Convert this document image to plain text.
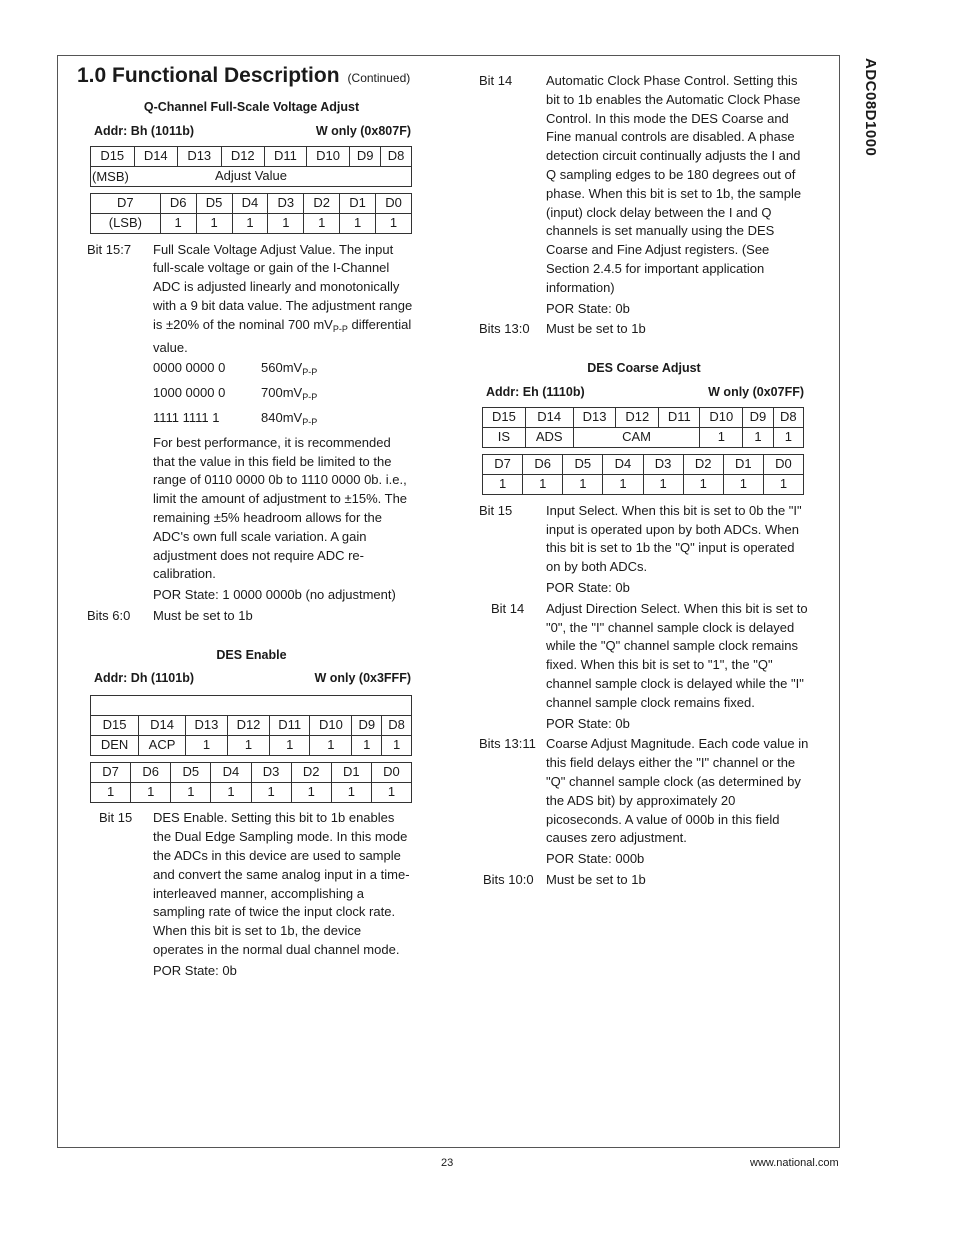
ADC08D1000
1.0 Functional Description (Continued)

Q-Channel Full-Scale Voltage Adjust

Addr: Bh (1011b)	W only (0x807F)
D15	D14	D13	D12	D11	D10	D9	D8

(MSB)	Adjust Value
D7	D6	D5	D4	D3	D2	D1	D0
(LSB)	1	1	1	1	1	1	1
Bit 15:7	Full Scale Voltage Adjust Value. The input full-scale voltage or gain of the I-Channel ADC is adjusted linearly and monotonically with a 9 bit data value. The adjustment range is ±20% of the nominal 700 $mV_{P-P}$ differential value.

0000 0000 0	$560mV_{P-P}$
1000 0000 0	$700mV_{P-P}$
1111 1111 1	$840mV_{P-P}$

For best performance, it is recommended that the value in this field be limited to the range of 0110 0000 0b to 1110 0000 0b. i.e., limit the amount of adjustment to ±15%. The remaining ±5% headroom allows for the ADC's own full scale variation. A gain adjustment does not require ADC re-calibration.

POR State: 1 0000 0000b (no adjustment)

Bits 6:0	Must be set to 1b

DES Enable

Addr: Dh (1101b)	W only (0x3FFF)

D15	D14	D13	D12	D11	D10	D9	D8
DEN	ACP	1	1	1	1	1	1
D7	D6	D5	D4	D3	D2	D1	D0
1	1	1	1	1	1	1	1
Bit 15	DES Enable. Setting this bit to 1b enables the Dual Edge Sampling mode. In this mode the ADCs in this device are used to sample and convert the same analog input in a time-interleaved manner, accomplishing a sampling rate of twice the input clock rate. When this bit is set to 1b, the device operates in the normal dual channel mode.

POR State: 0b

Bit 14	Automatic Clock Phase Control. Setting this bit to 1b enables the Automatic Clock Phase Control. In this mode the DES Coarse and Fine manual controls are disabled. A phase detection circuit continually adjusts the I and Q sampling edges to be 180 degrees out of phase. When this bit is set to 1b, the sample (input) clock delay between the I and Q channels is set manually using the DES Coarse and Fine Adjust registers. (See Section 2.4.5 for important application information)

POR State: 0b

Bits 13:0	Must be set to 1b

DES Coarse Adjust

Addr: Eh (1110b)	W only (0x07FF)
D15	D14	D13	D12	D11	D10	D9	D8
IS	ADS	CAM			1	1	1
D7	D6	D5	D4	D3	D2	D1	D0
1	1	1	1	1	1	1	1
Bit 15	Input Select. When this bit is set to 0b the "I" input is operated upon by both ADCs. When this bit is set to 1b the "Q" input is operated on by both ADCs.

POR State: 0b

Bit 14	Adjust Direction Select. When this bit is set to "0", the "I" channel sample clock is delayed while the "Q" channel sample clock remains fixed. When this bit is set to "1", the "Q" channel sample clock is delayed while the "I" channel sample clock remains fixed.

POR State: 0b

Bits 13:11 Coarse Adjust Magnitude. Each code value in this field delays either the "I" channel or the "Q" channel sample clock (as determined by the ADS bit) by approximately 20 picoseconds. A value of 000b in this field causes zero adjustment.

POR State: 000b

Bits 10:0 Must be set to 1b
23	www.national.com
